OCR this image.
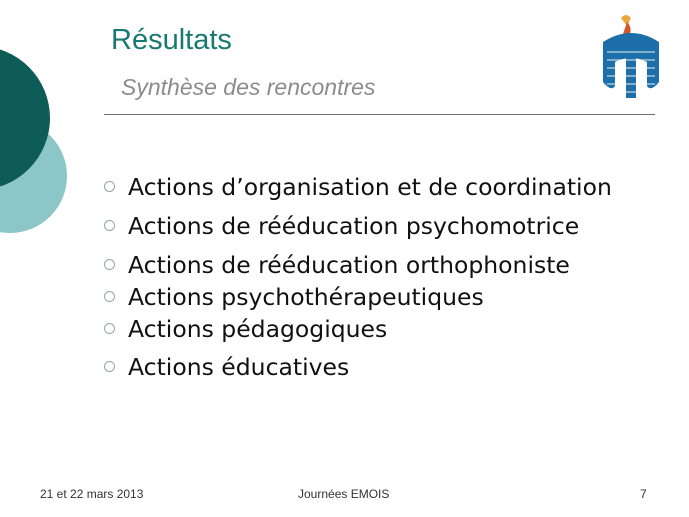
Résultats

Synthèse des rencontres

Actions d’organisation et de coordination
Actions de rééducation psychomotrice
Actions de rééducation orthophoniste
Actions psychothérapeutiques
Actions pédagogiques
Actions éducatives
21 et 22 mars 2013	Journées EMOIS	7
